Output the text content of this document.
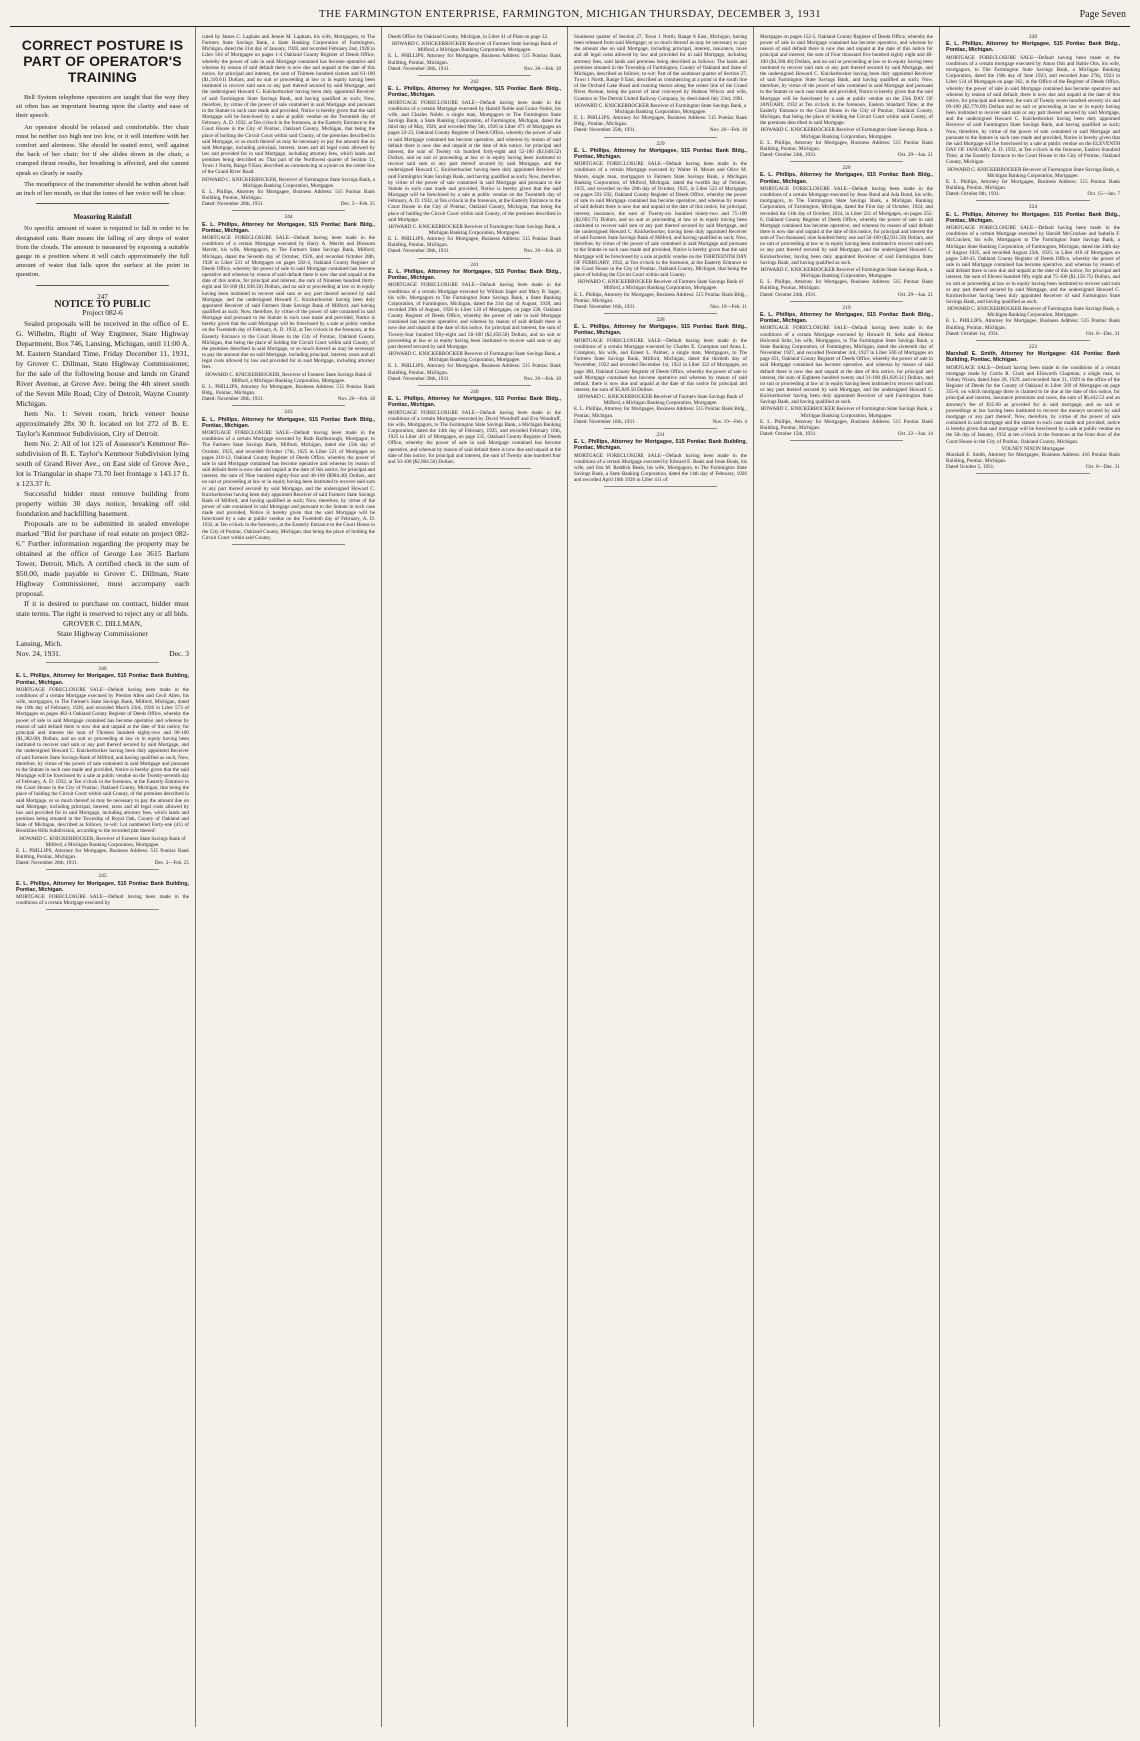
THE FARMINGTON ENTERPRISE, FARMINGTON, MICHIGAN THURSDAY, DECEMBER 3, 1931	Page Seven
CORRECT POSTURE IS PART OF OPERATOR'S TRAINING

Bell System telephone operators are taught that the way they sit often has an important bearing upon the clarity and ease of their speech.

An operator should be relaxed and comfortable. Her chair must be neither too high nor too low, or it will interfere with her comfort and alertness. She should be seated erect, well against the back of her chair; for if she slides down in the chair, a cramped thrust results, her breathing is affected, and she cannot speak so clearly or easily.

The mouthpiece of the transmitter should be within about half an inch of her mouth, so that the tones of her voice will be clear.

Measuring Rainfall

No specific amount of water is required to fall in order to be designated rain. Rain means the falling of any drops of water from the clouds. The amount is measured by exposing a suitable gauge in a position where it will catch approximately the full amount of water that falls upon the surface at the point in question.

247
NOTICE TO PUBLIC
Project 082-6

Sealed proposals will be received in the office of E. G. Wilhelm, Right of Way Engineer, State Highway Department, Box 746, Lansing, Michigan, until 11:00 A. M. Eastern Standard Time, Friday December 11, 1931, by Grover C. Dillman, State Highway Commissioner, for the sale of the following house and lands on Grand River Avenue, at Grove Ave. being the 4th street south of the Seven Mile Road; City of Detroit, Wayne County Michigan.

Item No. 1: Seven room, brick veneer house approximately 28x 30 ft. located on lot 272 of B. E. Taylor's Kenmoor Subdivision, City of Detroit.

Item No. 2: All of lot 125 of Assessor's Kenmoor Re-subdivision of B. E. Taylor's Kenmoor Subdivision lying south of Grand River Ave., on East side of Grove Ave., lot is Triangular in shape 73.70 feet frontage x 143.17 ft. x 123.37 ft.

Successful bidder must remove building from property within 30 days notice, breaking off old foundation and backfilling basement.

Proposals are to be submitted in sealed envelope marked "Bid for purchase of real estate on project 082-6." Further information regarding the property may be obtained at the office of George Lee 3615 Barlum Tower, Detroit, Mich. A certified check in the sum of $50.00, made payable to Grover C. Dillman, State Highway Commissioner, must accompany each proposal.

If it is desired to purchase on contract, bidder must state terms. The right is reserved to reject any or all bids.

GROVER C. DILLMAN,
State Highway Commissioner
Lansing, Mich.
Nov. 24, 1931.	Dec. 3
246
E. L. Phillips, Attorney for Mortgagee, 515 Pontiac Bank Building, Pontiac, Michigan.
MORTGAGE FORECLOSURE SALE—Default having been made in the conditions of a certain Mortgage executed by Preston Allen and Cecil Allen, his wife, mortgagors, to The Farmer's State Savings Bank, Milford, Michigan, dated the 16th day of February, 1926, and recorded March 23rd, 1926 in Liber 573 of Mortgages on pages 482-4 Oakland County Register of Deeds Office, whereby the power of sale in said Mortgage contained has become operative and whereas by reason of said default there is now due and unpaid at the date of this notice, for principal and interest the sum of Thirteen hundred eighty-two and 00-100 ($1,382.00) Dollars, and no suit or proceeding at law or in equity having been instituted to recover said sum or any part thereof secured by said Mortgage, and the undersigned Howard C. Knickerbocker having been duly appointed Receiver of said Farmers State Savings Bank of Milford, and having qualified as such; Now, therefore, by virtue of the power of sale contained in said Mortgage and pursuant to the Statute in such case made and provided, Notice is hereby given that the said Mortgage will be foreclosed by a sale at public vendue on the Twenty-seventh day of February, A. D. 1932, at Ten o'clock in the forenoon, at the Easterly Entrance to the Court House in the City of Pontiac, Oakland County, Michigan, that being the place of holding the Circuit Court within said County, of the premises described in said Mortgage, or so much thereof as may be necessary to pay the amount due on said Mortgage, including principal, interest, taxes and all legal costs allowed by law and provided for in said Mortgage, including attorney fees, which lands and premises being situated in the Township of Royal Oak, County of Oakland and State of Michigan, described as follows, to-wit: Lot numbered Forty-one (41) of Brookline Hills Subdivision, according to the recorded plat thereof.
HOWARD C. KNICKERBOCKER, Receiver of Farmers State Savings Bank of Milford, a Michigan Banking Corporation, Mortgagee.
E. L. PHILLIPS, Attorney for Mortgagee, Business Address: 515 Pontiac Bank Building, Pontiac, Michigan.
Dated: November 20th, 1931.	Dec. 3—Feb. 25
245
E. L. Phillips, Attorney for Mortgagee, 515 Pontiac Bank Building, Pontiac, Michigan.
MORTGAGE FORECLOSURE SALE—Default having been made in the conditions of a certain Mortgage executed by
cuted by James C. Lapham and Jennie M. Lapham, his wife, Mortgagors, to The Farmers State Savings Bank, a State Banking Corporation of Farmington, Michigan, dated the 31st day of January, 1928, and recorded February 2nd, 1928 in Liber 564 of Mortgages on pages 1-4 Oakland County Register of Deeds Office, whereby the power of sale in said Mortgage contained has become operative and whereas by reason of said default there is now due and unpaid at the date of this notice, for principal and interest, the sum of Thirteen hundred sixteen and 61-100 ($1,316.61) Dollars, and no suit or proceeding at law or in equity having been instituted to recover said sum or any part thereof secured by said Mortgage, and the undersigned Howard C. Knickerbocker having been duly appointed Receiver of said Farmington State Savings Bank, and having qualified as such; Now, therefore, by virtue of the power of sale contained in said Mortgage and pursuant to the Statute in such case made and provided, Notice is hereby given that the said Mortgage will be foreclosed by a sale at public vendue on the Twentieth day of February, A. D. 1932, at Ten o'clock in the forenoon, at the Easterly Entrance to the Court House in the City of Pontiac, Oakland County, Michigan, that being the place of holding the Circuit Court within said County, of the premises described in said Mortgage, or so much thereof as may be necessary to pay the amount due on said Mortgage, including principal, interest, taxes and all legal costs allowed by law and provided for in said Mortgage, including attorney fees, which lands and premises being described as: That part of the Northwest quarter of Section 11, Town 1 North, Range 9 East, described as commencing at a point on the center line of the Grand River Road.
HOWARD C. KNICKERBOCKER, Receiver of Farmington State Savings Bank, a Michigan Banking Corporation, Mortgagee.
E. L. Phillips, Attorney for Mortgagee, Business Address: 515 Pontiac Bank Building, Pontiac, Michigan.
Dated: November 20th, 1931.	Dec. 3—Feb. 25
244
E. L. Phillips, Attorney for Mortgagee, 515 Pontiac Bank Bldg., Pontiac, Michigan.
MORTGAGE FORECLOSURE SALE—Default having been made in the conditions of a certain Mortgage executed by Harry A. Merritt and Blossom Merritt, his wife, Mortgagors, to The Farmers State Savings Bank, Milford, Michigan, dated the Seventh day of October, 1926, and recorded October 28th, 1926 in Liber 531 of Mortgages on pages 582-4, Oakland County Register of Deeds Office, whereby the power of sale in said Mortgage contained has become operative and whereas by reason of said default there is now due and unpaid at the date of this notice, for principal and interest, the sum of Nineteen hundred thirty-eight and 50-100 ($1,938.50) Dollars, and no suit or proceeding at law or in equity having been instituted to recover said sum or any part thereof secured by said Mortgage, and the undersigned Howard C. Knickerbocker having been duly appointed Receiver of said Farmers State Savings Bank of Milford, and having qualified as such; Now, therefore, by virtue of the power of sale contained in said Mortgage and pursuant to the Statute in such case made and provided, Notice is hereby given that the said Mortgage will be foreclosed by a sale at public vendue on the Twentieth day of February, A. D. 1932, at Ten o'clock in the forenoon, at the Easterly Entrance to the Court House in the City of Pontiac, Oakland County, Michigan, that being the place of holding the Circuit Court within said County, of the premises described in said Mortgage, or so much thereof as may be necessary to pay the amount due on said Mortgage, including principal, interest, taxes and all legal costs allowed by law and provided for in said Mortgage, including attorney fees.
HOWARD C. KNICKERBOCKER, Receiver of Farmers State Savings Bank of Milford, a Michigan Banking Corporation, Mortgagee.
E. L. PHILLIPS, Attorney for Mortgagee, Business Address: 515 Pontiac Bank Bldg., Pontiac, Michigan.
Dated: November 20th, 1931.	Nov. 26—Feb. 18
243
E. L. Phillips, Attorney for Mortgagee, 515 Pontiac Bank Bldg., Pontiac, Michigan.
MORTGAGE FORECLOSURE SALE—Default having been made in the conditions of a certain Mortgage executed by Ruth Barlborough, Mortgagor, to The Farmers State Savings Bank, Milford, Michigan, dated the 15th day of October, 1925, and recorded October 17th, 1925 in Liber 521 of Mortgages on pages 210-12, Oakland County Register of Deeds Office, whereby the power of sale in said Mortgage contained has become operative and whereas by reason of said default there is now due and unpaid at the date of this notice, for principal and interest, the sum of Nine hundred eighty-four and 40-100 ($984.40) Dollars, and no suit or proceeding at law or in equity having been instituted to recover said sum or any part thereof secured by said Mortgage, and the undersigned Howard C. Knickerbocker having been duly appointed Receiver of said Farmers State Savings Bank of Milford, and having qualified as such; Now, therefore, by virtue of the power of sale contained in said Mortgage and pursuant to the Statute in such case made and provided, Notice is hereby given that the said Mortgage will be foreclosed by a sale at public vendue on the Twentieth day of February, A. D. 1932, at Ten o'clock in the forenoon, at the Easterly Entrance to the Court House in the City of Pontiac, Oakland County, Michigan, that being the place of holding the Circuit Court within said County.
Deeds Office for Oakland County, Michigan, in Liber 41 of Plats on page 32.
HOWARD C. KNICKERBOCKER Receiver of Farmers State Savings Bank of Milford, a Michigan Banking Corporation, Mortgagee.
E. L. PHILLIPS, Attorney for Mortgagee, Business Address: 515 Pontiac Bank Building, Pontiac, Michigan.
Dated: November 20th, 1931.	Nov. 26—Feb. 18
242
E. L. Phillips, Attorney for Mortgagee, 515 Pontiac Bank Bldg., Pontiac, Michigan.
MORTGAGE FORECLOSURE SALE—Default having been made in the conditions of a certain Mortgage executed by Harold Noble and Grace Noble, his wife, and Charles Noble, a single man, Mortgagors to The Farmington State Savings Bank, a State Banking Corporation, of Farmington, Michigan, dated the third day of May, 1926, and recorded May 5th, 1926 in Liber 471 of Mortgages on pages 22-23, Oakland County Register of Deeds Office, whereby the power of sale in said Mortgage contained has become operative, and whereas by reason of said default there is now due and unpaid at the date of this notice, for principal and interest, the sum of Twenty six hundred forty-eight and 52-100 ($2,648.52) Dollars, and no suit or proceeding at law or in equity having been instituted to recover said sum or any part thereof secured by said Mortgage, and the undersigned Howard C. Knickerbocker having been duly appointed Receiver of said Farmington State Savings Bank, and having qualified as such; Now, therefore, by virtue of the power of sale contained in said Mortgage and pursuant to the Statute in such case made and provided, Notice is hereby given that the said Mortgage will be foreclosed by a sale at public vendue on the Twentieth day of February, A. D. 1932, at Ten o'clock in the forenoon, at the Easterly Entrance to the Court House in the City of Pontiac, Oakland County, Michigan, that being the place of holding the Circuit Court within said County, of the premises described in said Mortgage.
HOWARD C. KNICKERBOCKER Receiver of Farmington State Savings Bank, a Michigan Banking Corporation, Mortgagee.
E. L. PHILLIPS, Attorney for Mortgagee, Business Address: 515 Pontiac Bank Building, Pontiac, Michigan.
Dated: November 20th, 1931.	Nov. 26—Feb. 18
241
E. L. Phillips, Attorney for Mortgagee, 515 Pontiac Bank Bldg., Pontiac, Michigan.
MORTGAGE FORECLOSURE SALE—Default having been made in the conditions of a certain Mortgage executed by William Sager and Mary B. Sager, his wife, Mortgagors to The Farmington State Savings Bank, a State Banking Corporation, of Farmington, Michigan, dated the 21st day of August, 1928, and recorded 29th of August, 1928 in Liber 120 of Mortgages, on page 228, Oakland County Register of Deeds Office, whereby the power of sale in said Mortgage contained has become operative, and whereas by reason of said default there is now due and unpaid at the date of this notice, for principal and interest, the sum of Twenty-four hundred fifty-eight and 50-100 ($2,458.50) Dollars, and no suit or proceeding at law or in equity having been instituted to recover said sum or any part thereof secured by said Mortgage.
HOWARD C. KNICKERBOCKER Receiver of Farmington State Savings Bank, a Michigan Banking Corporation, Mortgagee.
E. L. PHILLIPS, Attorney for Mortgagee, Business Address: 515 Pontiac Bank Building, Pontiac, Michigan.
Dated: November 20th, 1931.	Nov. 26—Feb. 18
240
E. L. Phillips, Attorney for Mortgagee, 515 Pontiac Bank Bldg., Pontiac, Michigan.
MORTGAGE FORECLOSURE SALE—Default having been made in the conditions of a certain Mortgage executed by David Woodruff and Eva Woodruff, his wife, Mortgagors, to The Farmington State Savings Bank, a Michigan Banking Corporation, dated the 14th day of February, 1925, and recorded February 16th, 1925 in Liber 421 of Mortgages, on page 235, Oakland County Register of Deeds Office, whereby the power of sale in said Mortgage contained has become operative, and whereas by reason of said default there is now due and unpaid at the date of this notice, for principal and interest, the sum of Twenty nine hundred four and 50-100 ($2,904.50) Dollars.
Southeast quarter of Section 27, Town 1 North, Range 8 East, Michigan, having been released from said Mortgage; or so much thereof as may be necessary to pay the amount due on said Mortgage, including principal, interest, insurance, taxes and all legal costs allowed by law and provided for in said Mortgage, including attorney fees, said lands and premises being described as follows: The lands and premises situated in the Township of Farmington, County of Oakland and State of Michigan, described as follows, to-wit: Part of the southeast quarter of Section 27, Town 1 North, Range 9 East, described as commencing at a point in the south line of the Orchard Lake Road and running thence along the center line of the Grand River Avenue, being the parcel of land conveyed by Hudson Wilcox and wife, Grantors to The Detroit United Railway Company, by deed dated July 23rd, 1901.
HOWARD C. KNICKERBOCKER Receiver of Farmington State Savings Bank, a Michigan Banking Corporation, Mortgagee.
E. L. PHILLIPS, Attorney for Mortgagee, Business Address: 515 Pontiac Bank Bldg., Pontiac, Michigan.
Dated: November 25th, 1931.	Nov. 26—Feb. 18
229
E. L. Phillips, Attorney for Mortgagee, 515 Pontiac Bank Bldg., Pontiac, Michigan.
MORTGAGE FORECLOSURE SALE—Default having been made in the conditions of a certain Mortgage executed by Walter H. Moore and Olive M. Moore, single man, mortgagors to Farmers State Savings Bank, a Michigan Banking Corporation, of Milford, Michigan, dated the twelfth day of October, 1925, and recorded on the 29th day of October, 1925, in Liber 522 of Mortgages on pages 591-592, Oakland County Register of Deeds Office, whereby the power of sale in said Mortgage contained has become operative, and whereas by reason of said default there is now due and unpaid at the date of this notice, for principal, interest, insurance, the sum of Twenty-six hundred ninety-two and 75-100 ($2,692.75) Dollars, and no suit or proceeding at law or in equity having been instituted to recover said sum or any part thereof secured by said Mortgage, and the undersigned Howard C. Knickerbocker, having been duly appointed Receiver of said Farmers State Savings Bank of Milford, and having qualified as such; Now, therefore, by virtue of the power of sale contained in said Mortgage and pursuant to the Statute in such case made and provided, Notice is hereby given that the said Mortgage will be foreclosed by a sale at public vendue on the THIRTEENTH DAY OF FEBRUARY, 1932, at Ten o'clock in the forenoon, at the Easterly Entrance to the Court House in the City of Pontiac, Oakland County, Michigan, that being the place of holding the Circuit Court within said County.
HOWARD C. KNICKERBOCKER Receiver of Farmers State Savings Bank of Milford, a Michigan Banking Corporation, Mortgagee.
E. L. Phillips, Attorney for Mortgagee, Business Address: 515 Pontiac Bank Bldg., Pontiac, Michigan.
Dated: November 16th, 1931.	Nov. 19—Feb. 11
228
E. L. Phillips, Attorney for Mortgagee, 515 Pontiac Bank Bldg., Pontiac, Michigan.
MORTGAGE FORECLOSURE SALE—Default having been made in the conditions of a certain Mortgage executed by Charles E. Crampton and Anna L. Crampton, his wife, and Ernest L. Palmer, a single man, Mortgagors, to The Farmers State Savings Bank, Milford, Michigan, dated the thirtieth day of November, 1922 and recorded December 1st, 1922 in Liber 322 of Mortgages, on page 380, Oakland County Register of Deeds Office, whereby the power of sale in said Mortgage contained has become operative and whereas by reason of said default, there is now due and unpaid at the date of this notice for principal and interest, the sum of $5,849.50 Dollars.
HOWARD C. KNICKERBOCKER Receiver of Farmers State Savings Bank of Milford, a Michigan Banking Corporation, Mortgagee.
E. L. Phillips, Attorney for Mortgagee, Business Address: 515 Pontiac Bank Bldg., Pontiac, Michigan.
Dated: November 16th, 1931.	Nov. 19—Feb. 4
231
E. L. Phillips, Attorney for Mortgagee, 515 Pontiac Bank Building, Pontiac, Michigan.
MORTGAGE FORECLOSURE SALE—Default having been made in the conditions of a certain Mortgage executed by Edward E. Beals and Irene Beals, his wife, and Ora M. Reddick Beals, his wife, Mortgagors, to The Farmington State Savings Bank, a State Banking Corporation, dated the 14th day of February, 1926 and recorded April 10th 1926 in Liber 411 of
Mortgages on pages 152-5, Oakland County Register of Deeds Office, whereby the power of sale in said Mortgage contained has become operative, and whereas by reason of said default there is now due and unpaid at the date of this notice for principal and interest, the sum of Four thousand five hundred eighty eight and 40-100 ($4,588.40) Dollars, and no suit or proceeding at law or in equity having been instituted to recover said sum or any part thereof secured by said Mortgage, and the undersigned Howard C. Knickerbocker having been duly appointed Receiver of said Farmington State Savings Bank, and having qualified as such; Now, therefore, by virtue of the power of sale contained in said Mortgage and pursuant to the Statute in such case made and provided, Notice is hereby given that the said Mortgage will be foreclosed by a sale at public vendue on the 25th DAY OF JANUARY, 1932 at Ten o'clock in the forenoon, Eastern Standard Time, at the Easterly Entrance to the Court House in the City of Pontiac, Oakland County, Michigan, that being the place of holding the Circuit Court within said County, of the premises described in said Mortgage.
HOWARD C. KNICKERBOCKER Receiver of Farmington State Savings Bank, a Michigan Banking Corporation, Mortgagee.
E. L. Phillips, Attorney for Mortgagee, Business Address: 515 Pontiac Bank Building, Pontiac, Michigan.
Dated: October 24th, 1931.	Oct. 29—Jan. 21
220
E. L. Phillips, Attorney for Mortgagee, 515 Pontiac Bank Bldg., Pontiac, Michigan.
MORTGAGE FORECLOSURE SALE—Default having been made in the conditions of a certain Mortgage executed by Jesse Bond and Ada Bond, his wife, mortgagors, to The Farmington State Savings Bank, a Michigan Banking Corporation, of Farmington, Michigan, dated the First day of October, 1924, and recorded the 11th day of October, 1924, in Liber 231 of Mortgages, on pages 255-6, Oakland County Register of Deeds Office, whereby the power of sale in said Mortgage contained has become operative, and whereas by reason of said default there is now due and unpaid at the date of this notice, for principal and interest the sum of Two thousand, nine hundred thirty one and 50-100 ($2,931.50) Dollars, and no suit or proceeding at law or in equity having been instituted to recover said sum or any part thereof secured by said Mortgage, and the undersigned Howard C. Knickerbocker, having been duly appointed Receiver of said Farmington State Savings Bank, and having qualified as such.
HOWARD C. KNICKERBOCKER Receiver of Farmington State Savings Bank, a Michigan Banking Corporation, Mortgagee.
E. L. Phillips, Attorney for Mortgagee, Business Address: 515 Pontiac Bank Building, Pontiac, Michigan.
Dated: October 24th, 1931.	Oct. 29—Jan. 21
219
E. L. Phillips, Attorney for Mortgagee, 515 Pontiac Bank Bldg., Pontiac, Michigan.
MORTGAGE FORECLOSURE SALE—Default having been made in the conditions of a certain Mortgage executed by Howard H. Seltz and Helena Holcomb Seltz, his wife, Mortgagors, to The Farmington State Savings Bank, a State Banking Corporation, of Farmington, Michigan, dated the sixteenth day of November 1927, and recorded December 3rd, 1927 in Liber 566 of Mortgages on page 451, Oakland County Register of Deeds Office, whereby the power of sale in said Mortgage contained has become operative, and whereas by reason of said default there is now due and unpaid at the date of this notice, for principal and interest, the sum of Eighteen hundred twenty and 31-100 ($1,820.31) Dollars, and no suit or proceeding at law or in equity having been instituted to recover said sum or any part thereof secured by said Mortgage, and the undersigned Howard C. Knickerbocker having been duly appointed Receiver of said Farmington State Savings Bank, and having qualified as such.
HOWARD C. KNICKERBOCKER Receiver of Farmington State Savings Bank, a Michigan Banking Corporation, Mortgagee.
E. L. Phillips, Attorney for Mortgagee, Business Address: 515 Pontiac Bank Building, Pontiac, Michigan.
Dated: October 15th, 1931.	Oct. 22—Jan. 14
226
E. L. Phillips, Attorney for Mortgagee, 515 Pontiac Bank Bldg., Pontiac, Michigan.
MORTGAGE FORECLOSURE SALE—Default having been made in the conditions of a certain mortgage executed by Amos Otis and Hattie Otis, his wife, mortgagors, to The Farmington State Savings Bank, a Michigan Banking Corporation, dated the 19th day of June 1923, and recorded June 27th, 1923 in Liber 124 of Mortgages on page 362, in the Office of the Register of Deeds Office, whereby the power of sale in said Mortgage contained has become operative and whereas by reason of said default, there is now due and unpaid at the date of this notice, for principal and interest, the sum of Twenty seven hundred seventy six and 09-100 ($2,776.09) Dollars and no suit or proceeding at law or in equity having been instituted to recover said sum or any part thereof secured by said Mortgage, and the undersigned Howard C. Knickerbocker having been duly appointed Receiver of said Farmington State Savings Bank, and having qualified as such; Now, therefore, by virtue of the power of sale contained in said Mortgage and pursuant to the Statute in such case made and provided, Notice is hereby given that the said Mortgage will be foreclosed by a sale at public vendue on the ELEVENTH DAY OF JANUARY, A. D. 1932, at Ten o'clock in the forenoon, Eastern Standard Time, at the Easterly Entrance to the Court House in the City of Pontiac, Oakland County, Michigan.
HOWARD C. KNICKERBOCKER Receiver of Farmington State Savings Bank, a Michigan Banking Corporation, Mortgagee.
E. L. Phillips, Attorney for Mortgagee, Business Address: 515 Pontiac Bank Building, Pontiac, Michigan.
Dated: October 8th, 1931.	Oct. 15—Jan. 7
224
E. L. Phillips, Attorney for Mortgagee, 515 Pontiac Bank Bldg., Pontiac, Michigan.
MORTGAGE FORECLOSURE SALE—Default having been made in the conditions of a certain Mortgage executed by Harold McCracken and Isabella F. McCracken, his wife, Mortgagors to The Farmington State Savings Bank, a Michigan State Banking Corporation, of Farmington, Michigan, dated the 24th day of August 1925, and recorded August 25th, 1925, in Liber 410 of Mortgages on pages 540-43, Oakland County Register of Deeds Office, whereby the power of sale in said Mortgage contained has become operative, and whereas by reason of said default there is now due and unpaid at the date of this notice, for principal and interest, the sum of Eleven hundred fifty eight and 75-100 ($1,158.75) Dollars, and no suit or proceeding at law or in equity having been instituted to recover said sum or any part thereof secured by said Mortgage, and the undersigned Howard C. Knickerbocker having been duly appointed Receiver of said Farmington State Savings Bank, and having qualified as such.
HOWARD C. KNICKERBOCKER Receiver of Farmington State Savings Bank, a Michigan Banking Corporation, Mortgagee.
E. L. PHILLIPS, Attorney for Mortgagee, Business Address: 515 Pontiac Bank Building, Pontiac, Michigan.
Dated: October 1st, 1931.	Oct. 8—Dec. 31
223
Marshall E. Smith, Attorney for Mortgagee: 416 Pontiac Bank Building, Pontiac, Michigan.
MORTGAGE SALE—Default having been made in the conditions of a certain mortgage made by Carrie R. Clark and Ellsworth Chapman, a single man, to Volney Nixon, dated June 20, 1929, and recorded June 21, 1929 in the office of the Register of Deeds for the County of Oakland in Liber 569 of Mortgages on page 355-6, on which mortgage there is claimed to be due at the date of this notice, for principal and interest, insurance premiums and taxes, the sum of $6,442.53 and an attorney's fee of $35.00 as provided for in said mortgage, and no suit or proceedings at law having been instituted to recover the moneys secured by said mortgage or any part thereof. Now, therefore, by virtue of the power of sale contained in said mortgage and the statute in such case made and provided, notice is hereby given that said mortgage will be foreclosed by a sale at public vendue on the 5th day of January, 1932 at ten o'clock in the forenoon at the front door of the Court House in the City of Pontiac, Oakland County, Michigan.
VOLNEY NIXON Mortgagee
Marshall E. Smith, Attorney for Mortgagee, Business Address: 416 Pontiac Bank Building, Pontiac, Michigan.
Dated October 5, 1931.	Oct. 8—Dec. 31
